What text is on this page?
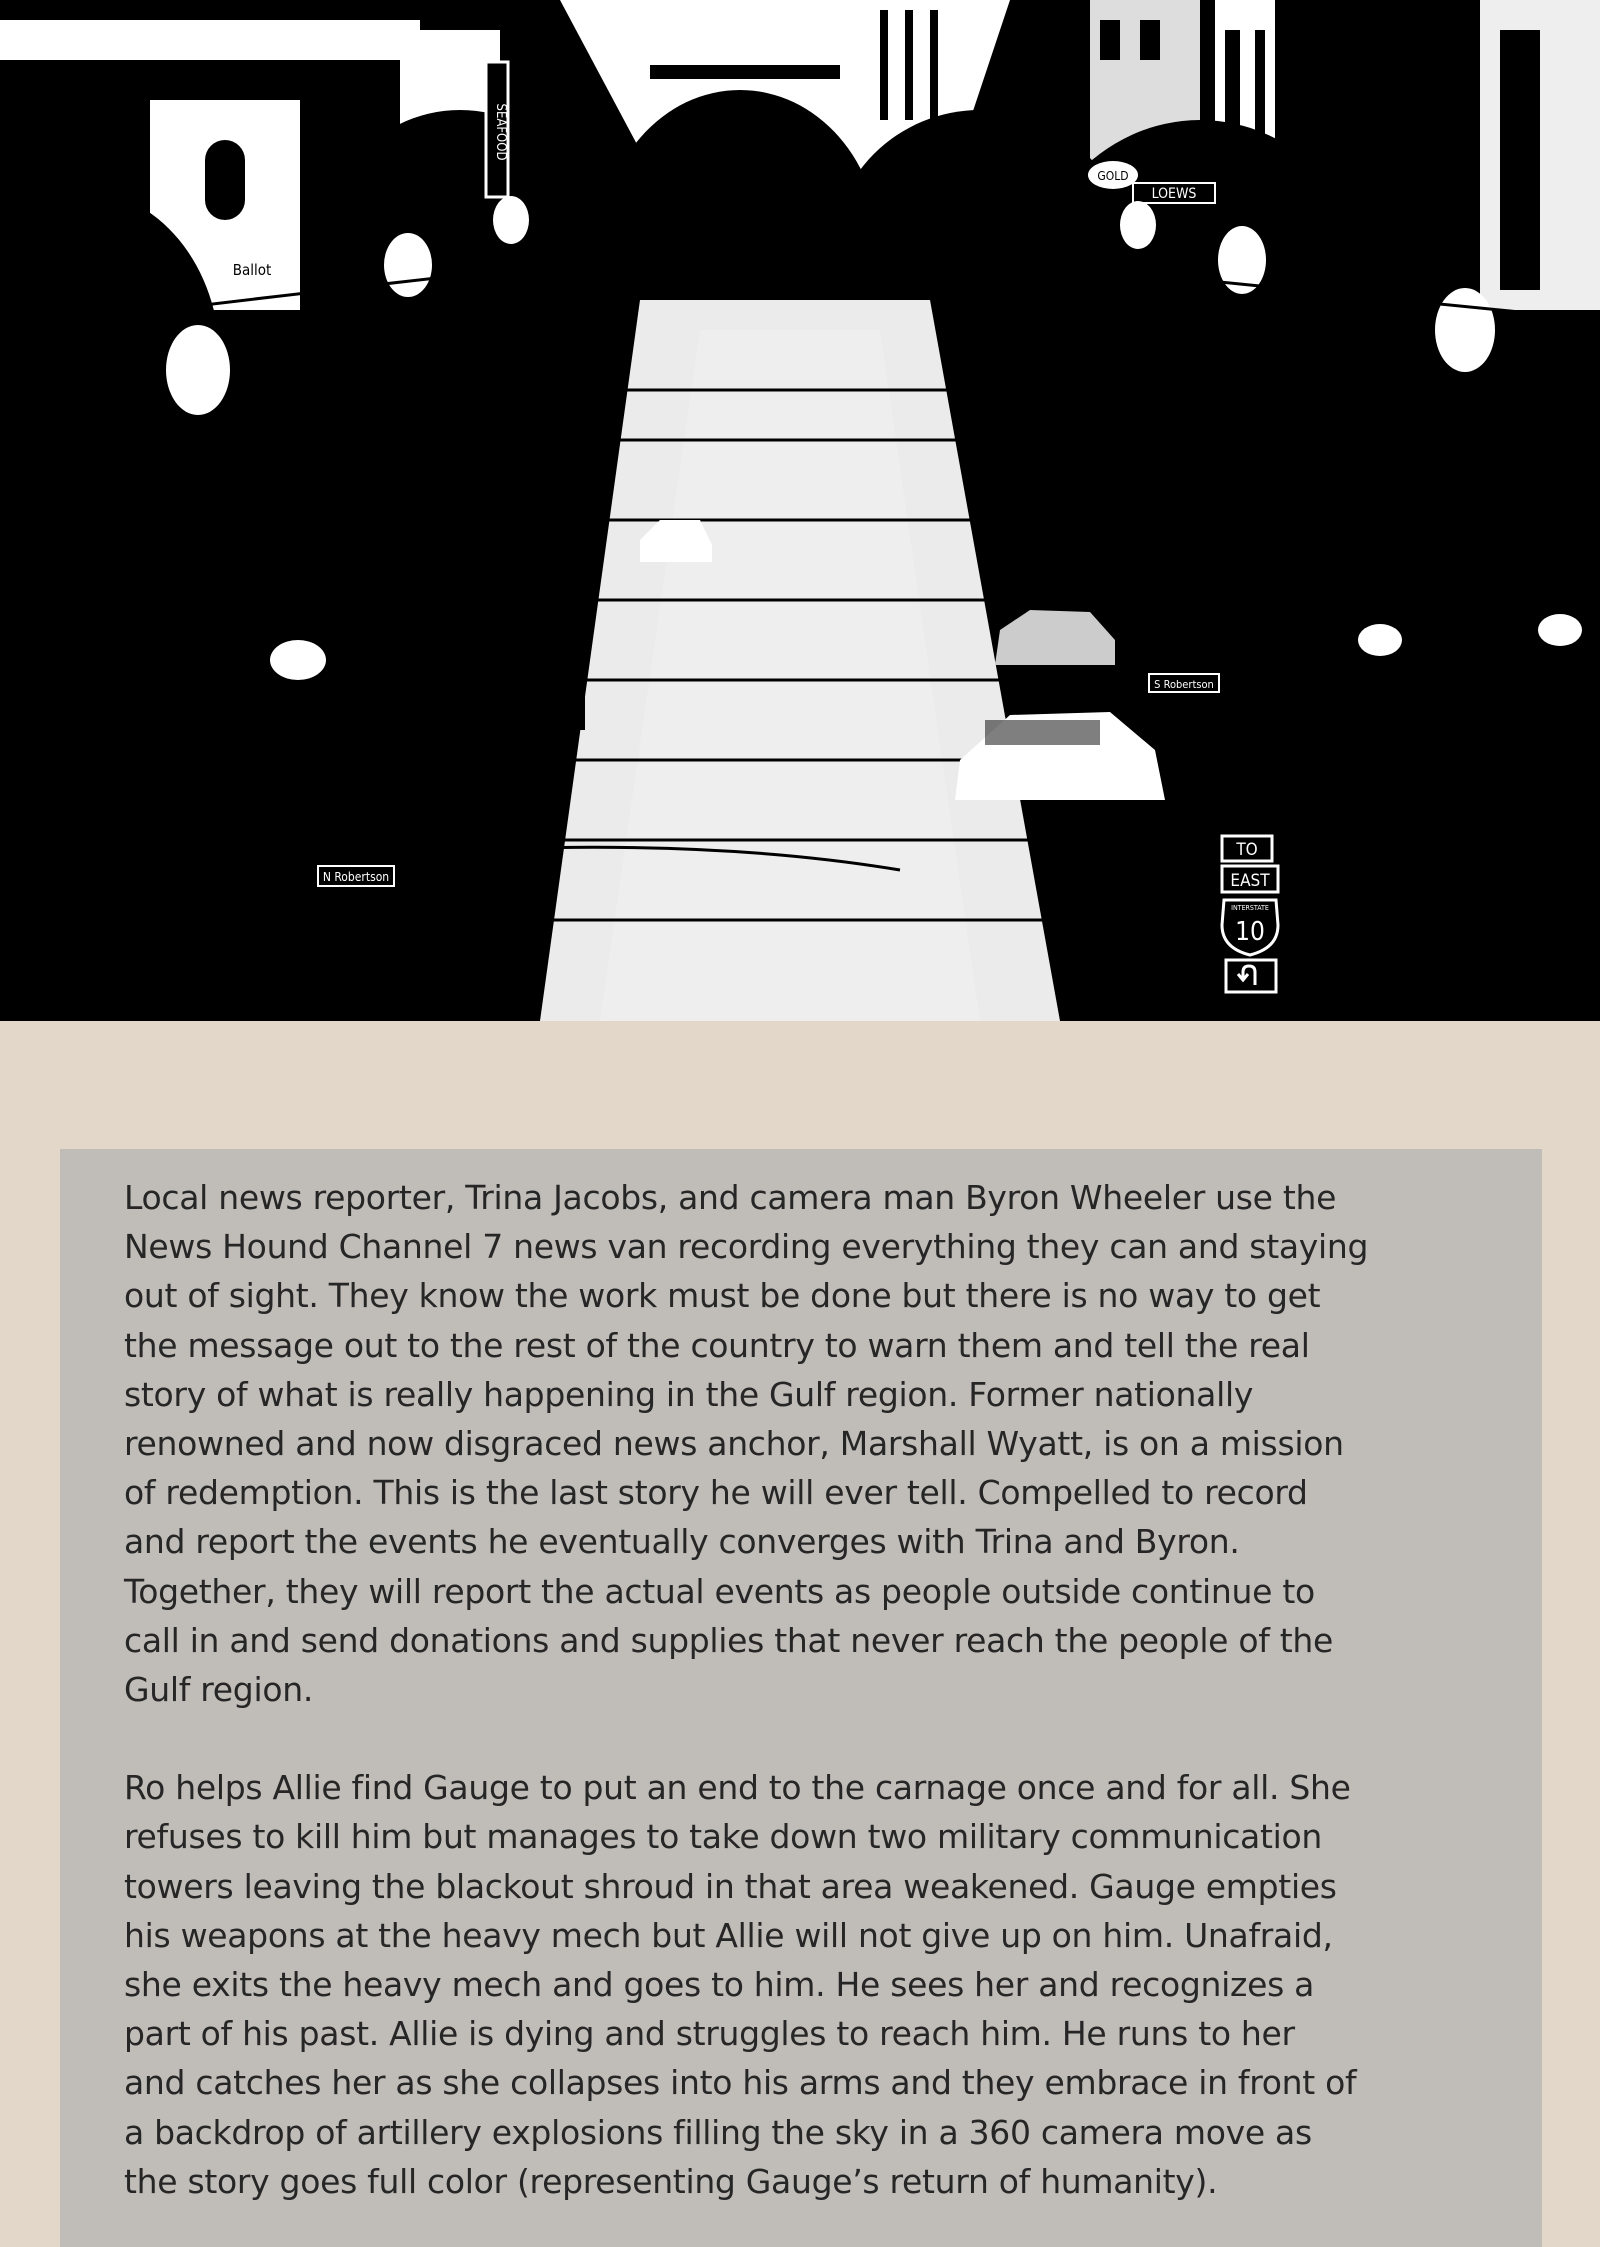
Ballot
SEAFOOD
GOLD
LOEWS
N Robertson
S Robertson
TO
EAST
INTERSTATE
10

Local news reporter, Trina Jacobs, and camera man Byron Wheeler use the
News Hound Channel 7 news van recording everything they can and staying
out of sight. They know the work must be done but there is no way to get
the message out to the rest of the country to warn them and tell the real
story of what is really happening in the Gulf region. Former nationally
renowned and now disgraced news anchor, Marshall Wyatt, is on a mission
of redemption. This is the last story he will ever tell. Compelled to record
and report the events he eventually converges with Trina and Byron.
Together, they will report the actual events as people outside continue to
call in and send donations and supplies that never reach the people of the
Gulf region.

Ro helps Allie find Gauge to put an end to the carnage once and for all. She
refuses to kill him but manages to take down two military communication
towers leaving the blackout shroud in that area weakened. Gauge empties
his weapons at the heavy mech but Allie will not give up on him. Unafraid,
she exits the heavy mech and goes to him. He sees her and recognizes a
part of his past. Allie is dying and struggles to reach him. He runs to her
and catches her as she collapses into his arms and they embrace in front of
a backdrop of artillery explosions filling the sky in a 360 camera move as
the story goes full color (representing Gauge’s return of humanity).
